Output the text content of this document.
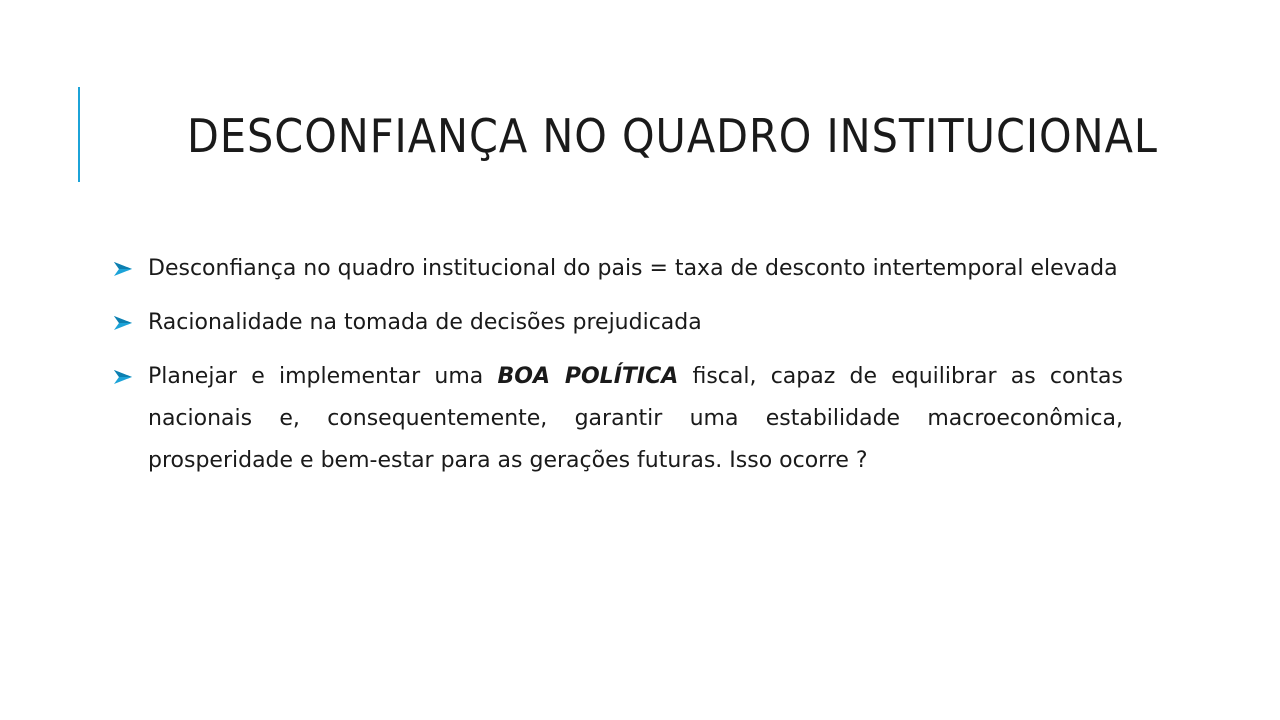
DESCONFIANÇA NO QUADRO INSTITUCIONAL
Desconfiança no quadro institucional do pais = taxa de desconto intertemporal elevada
Racionalidade na tomada de decisões prejudicada
Planejar e implementar uma BOA POLÍTICA fiscal, capaz de equilibrar as contas nacionais e, consequentemente, garantir uma estabilidade macroeconômica, prosperidade e bem-estar para as gerações futuras. Isso ocorre ?
